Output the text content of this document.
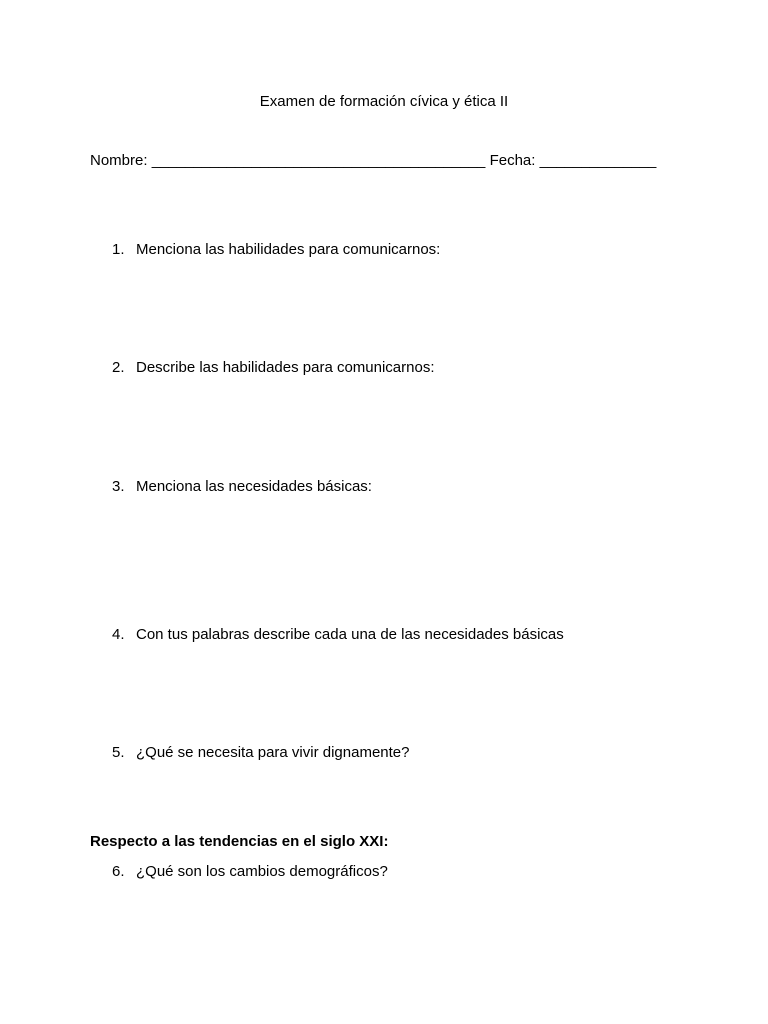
Examen de formación cívica y ética II
Nombre: ________________________________________ Fecha: ______________
1. Menciona las habilidades para comunicarnos:
2. Describe las habilidades para comunicarnos:
3. Menciona las necesidades básicas:
4. Con tus palabras describe cada una de las necesidades básicas
5. ¿Qué se necesita para vivir dignamente?
Respecto a las tendencias en el siglo XXI:
6. ¿Qué son los cambios demográficos?
